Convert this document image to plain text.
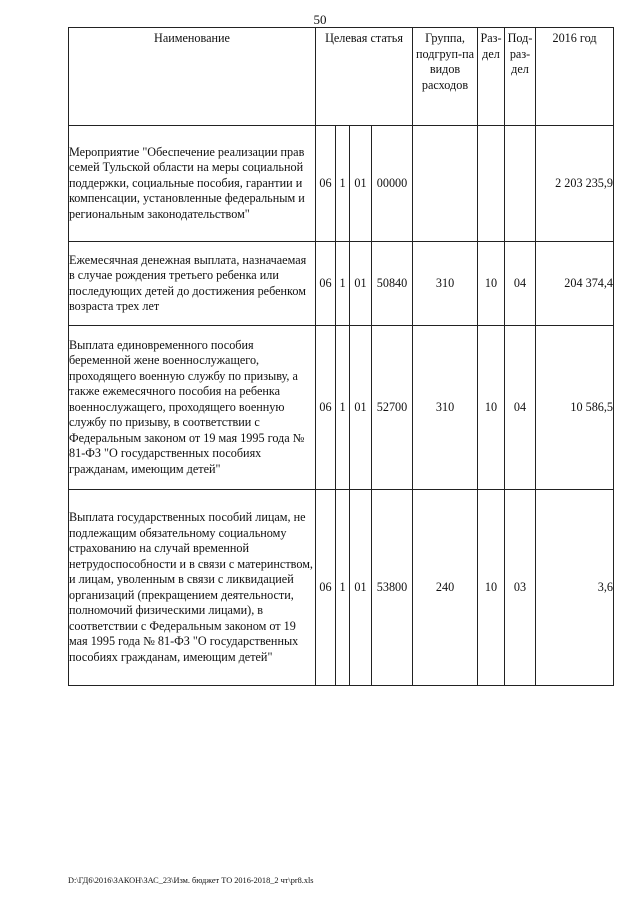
50
Наименование	Целевая статья				Группа, подгруп-па видов расходов	Раз-дел	Под-раз-дел	2016 год
Мероприятие "Обеспечение реализации прав семей Тульской области на меры социальной поддержки, социальные пособия, гарантии и компенсации, установленные федеральным и региональным законодательством"	06	1	01	00000				2 203 235,9
Ежемесячная денежная выплата, назначаемая в случае рождения третьего ребенка или последующих детей до достижения ребенком возраста трех лет	06	1	01	50840	310	10	04	204 374,4
Выплата единовременного пособия беременной жене военнослужащего, проходящего военную службу по призыву, а также ежемесячного пособия на ребенка военнослужащего, проходящего военную службу по призыву, в соответствии с Федеральным законом от 19 мая 1995 года № 81-ФЗ "О государственных пособиях гражданам, имеющим детей"	06	1	01	52700	310	10	04	10 586,5
Выплата государственных пособий лицам, не подлежащим обязательному социальному страхованию на случай временной нетрудоспособности и в связи с материнством, и лицам, уволенным в связи с ликвидацией организаций (прекращением деятельности, полномочий физическими лицами), в соответствии с Федеральным законом от 19 мая 1995 года № 81-ФЗ "О государственных пособиях гражданам, имеющим детей"	06	1	01	53800	240	10	03	3,6
D:\ГД6\2016\ЗАКОН\ЗАС_23\Изм. бюджет ТО 2016-2018_2 чт\pr8.xls
